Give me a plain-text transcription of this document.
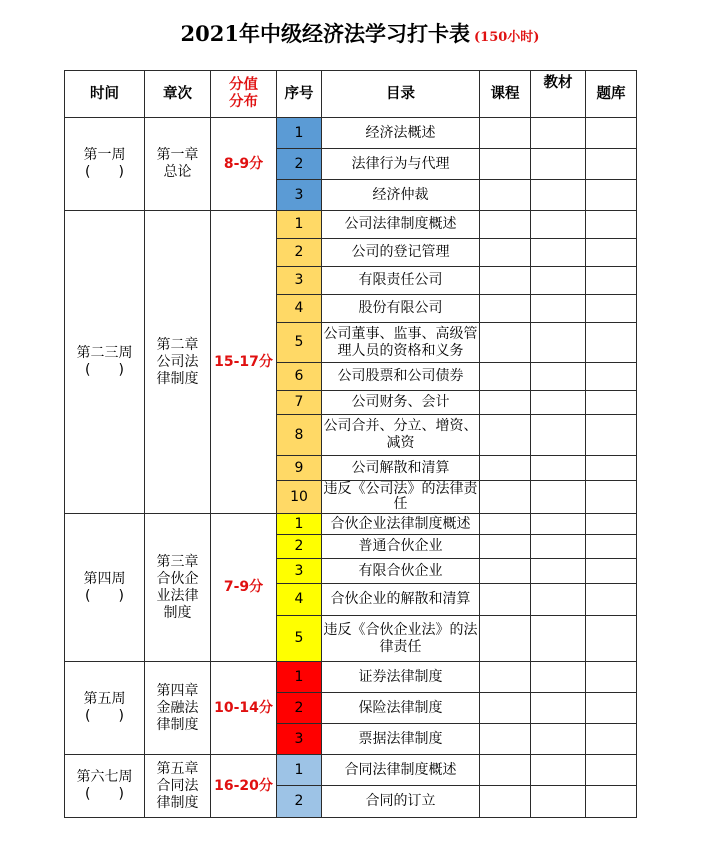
2021年中级经济法学习打卡表 (150小时)
时间	章次	分值分布	序号	目录	课程	教材	题库
第一周
(　　)	第一章总论	8-9分	1	经济法概述			
			2	法律行为与代理			
			3	经济仲裁			
第二三周
(　　)	第二章公司法律制度	15-17分	1	公司法律制度概述			
			2	公司的登记管理			
			3	有限责任公司			
			4	股份有限公司			
			5	公司董事、监事、高级管理人员的资格和义务			
			6	公司股票和公司债券			
			7	公司财务、会计			
			8	公司合并、分立、增资、减资			
			9	公司解散和清算			
			10	违反《公司法》的法律责任			
第四周
(　　)	第三章合伙企业法律制度	7-9分	1	合伙企业法律制度概述			
			2	普通合伙企业			
			3	有限合伙企业			
			4	合伙企业的解散和清算			
			5	违反《合伙企业法》的法律责任			
第五周
(　　)	第四章金融法律制度	10-14分	1	证券法律制度			
			2	保险法律制度			
			3	票据法律制度			
第六七周
(　　)	第五章合同法律制度	16-20分	1	合同法律制度概述			
			2	合同的订立			
